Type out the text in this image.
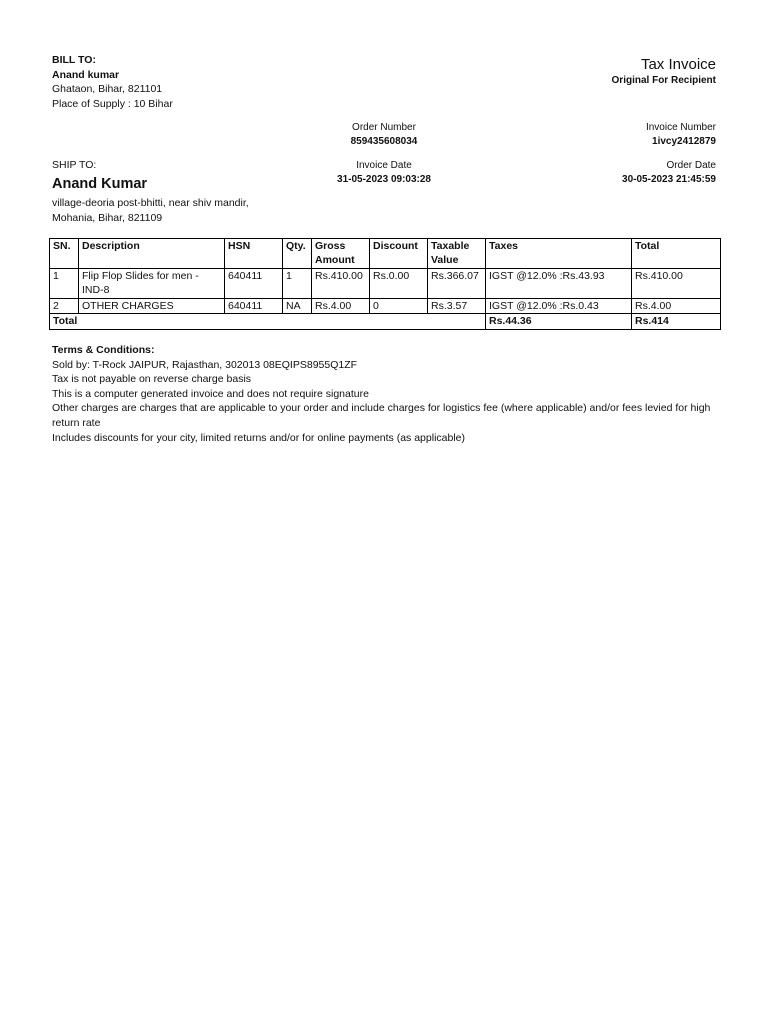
BILL TO:
Anand kumar
Ghataon, Bihar, 821101
Place of Supply : 10 Bihar
Tax Invoice
Original For Recipient
Order Number
859435608034
Invoice Number
1ivcy2412879
SHIP TO:	Invoice Date
31-05-2023 09:03:28
Order Date
30-05-2023 21:45:59
Anand Kumar
village-deoria post-bhitti, near shiv mandir,
Mohania, Bihar, 821109
SN.	Description	HSN	Qty.	Gross Amount	Discount	Taxable Value	Taxes	Total
1	Flip Flop Slides for men - IND-8	640411	1	Rs.410.00	Rs.0.00	Rs.366.07	IGST @12.0% :Rs.43.93	Rs.410.00
2	OTHER CHARGES	640411	NA	Rs.4.00	0	Rs.3.57	IGST @12.0% :Rs.0.43	Rs.4.00
Total							Rs.44.36	Rs.414
Terms & Conditions:
Sold by: T-Rock JAIPUR, Rajasthan, 302013 08EQIPS8955Q1ZF
Tax is not payable on reverse charge basis
This is a computer generated invoice and does not require signature
Other charges are charges that are applicable to your order and include charges for logistics fee (where applicable) and/or fees levied for high return rate
Includes discounts for your city, limited returns and/or for online payments (as applicable)
